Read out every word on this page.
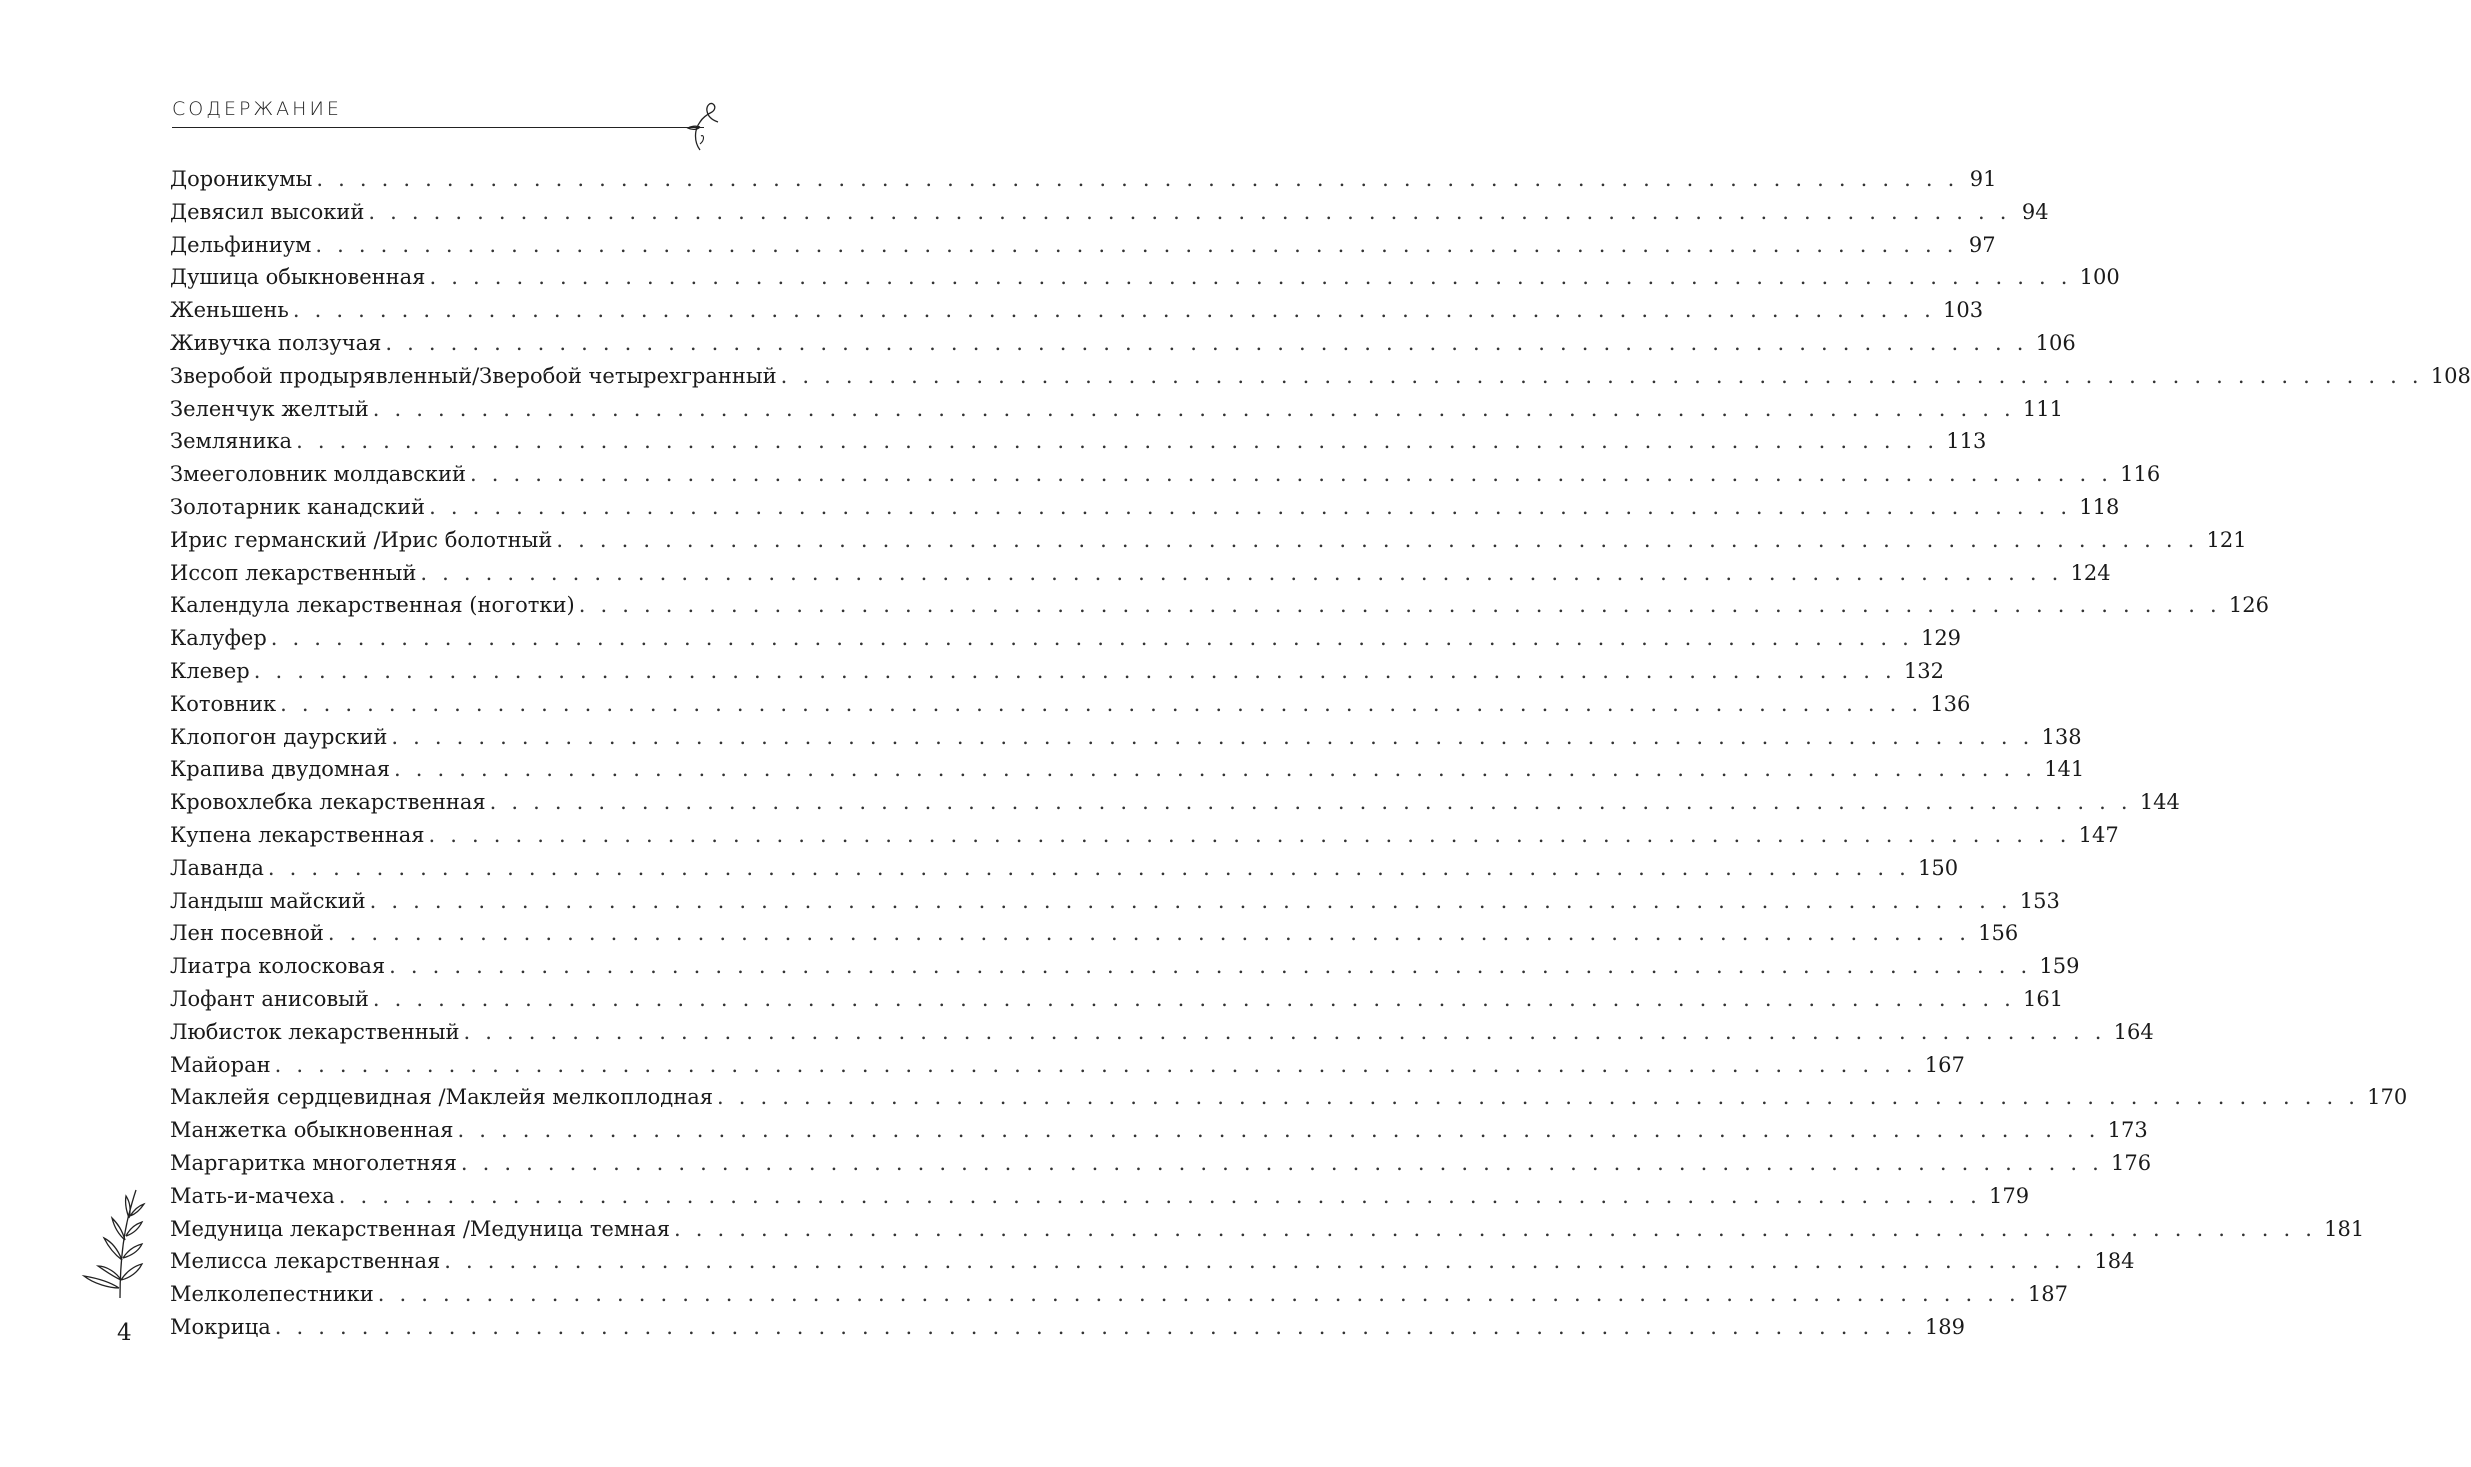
СОДЕРЖАНИЕ
Дороникумы . . . . . . . . . . . . . . . . . . . . . . . . . . . . . . . . . . . . . . . . . . . . . . . . . . . . . . . . . . . . . . . . . . . . . . . . . . . . 91
Девясил высокий . . . . . . . . . . . . . . . . . . . . . . . . . . . . . . . . . . . . . . . . . . . . . . . . . . . . . . . . . . . . . . . . . . . . . . . . . . . . 94
Дельфиниум . . . . . . . . . . . . . . . . . . . . . . . . . . . . . . . . . . . . . . . . . . . . . . . . . . . . . . . . . . . . . . . . . . . . . . . . . . . . 97
Душица обыкновенная . . . . . . . . . . . . . . . . . . . . . . . . . . . . . . . . . . . . . . . . . . . . . . . . . . . . . . . . . . . . . . . . . . . . . . . . . . . . 100
Женьшень . . . . . . . . . . . . . . . . . . . . . . . . . . . . . . . . . . . . . . . . . . . . . . . . . . . . . . . . . . . . . . . . . . . . . . . . . . . . 103
Живучка ползучая . . . . . . . . . . . . . . . . . . . . . . . . . . . . . . . . . . . . . . . . . . . . . . . . . . . . . . . . . . . . . . . . . . . . . . . . . . . . 106
Зверобой продырявленный/Зверобой четырехгранный . . . . . . . . . . . . . . . . . . . . . . . . . . . . . . . . . . . . . . . . . . . . . . . . . . . . . . . . . . . . . . . . . . . . . . . . . . . . 108
Зеленчук желтый . . . . . . . . . . . . . . . . . . . . . . . . . . . . . . . . . . . . . . . . . . . . . . . . . . . . . . . . . . . . . . . . . . . . . . . . . . . . 111
Земляника . . . . . . . . . . . . . . . . . . . . . . . . . . . . . . . . . . . . . . . . . . . . . . . . . . . . . . . . . . . . . . . . . . . . . . . . . . . . 113
Змееголовник молдавский . . . . . . . . . . . . . . . . . . . . . . . . . . . . . . . . . . . . . . . . . . . . . . . . . . . . . . . . . . . . . . . . . . . . . . . . . . . . 116
Золотарник канадский . . . . . . . . . . . . . . . . . . . . . . . . . . . . . . . . . . . . . . . . . . . . . . . . . . . . . . . . . . . . . . . . . . . . . . . . . . . . 118
Ирис германский /Ирис болотный . . . . . . . . . . . . . . . . . . . . . . . . . . . . . . . . . . . . . . . . . . . . . . . . . . . . . . . . . . . . . . . . . . . . . . . . . . . . 121
Иссоп лекарственный . . . . . . . . . . . . . . . . . . . . . . . . . . . . . . . . . . . . . . . . . . . . . . . . . . . . . . . . . . . . . . . . . . . . . . . . . . . . 124
Календула лекарственная (ноготки) . . . . . . . . . . . . . . . . . . . . . . . . . . . . . . . . . . . . . . . . . . . . . . . . . . . . . . . . . . . . . . . . . . . . . . . . . . . . 126
Калуфер . . . . . . . . . . . . . . . . . . . . . . . . . . . . . . . . . . . . . . . . . . . . . . . . . . . . . . . . . . . . . . . . . . . . . . . . . . . . 129
Клевер . . . . . . . . . . . . . . . . . . . . . . . . . . . . . . . . . . . . . . . . . . . . . . . . . . . . . . . . . . . . . . . . . . . . . . . . . . . . 132
Котовник . . . . . . . . . . . . . . . . . . . . . . . . . . . . . . . . . . . . . . . . . . . . . . . . . . . . . . . . . . . . . . . . . . . . . . . . . . . . 136
Клопогон даурский . . . . . . . . . . . . . . . . . . . . . . . . . . . . . . . . . . . . . . . . . . . . . . . . . . . . . . . . . . . . . . . . . . . . . . . . . . . . 138
Крапива двудомная . . . . . . . . . . . . . . . . . . . . . . . . . . . . . . . . . . . . . . . . . . . . . . . . . . . . . . . . . . . . . . . . . . . . . . . . . . . . 141
Кровохлебка лекарственная . . . . . . . . . . . . . . . . . . . . . . . . . . . . . . . . . . . . . . . . . . . . . . . . . . . . . . . . . . . . . . . . . . . . . . . . . . . . 144
Купена лекарственная . . . . . . . . . . . . . . . . . . . . . . . . . . . . . . . . . . . . . . . . . . . . . . . . . . . . . . . . . . . . . . . . . . . . . . . . . . . . 147
Лаванда . . . . . . . . . . . . . . . . . . . . . . . . . . . . . . . . . . . . . . . . . . . . . . . . . . . . . . . . . . . . . . . . . . . . . . . . . . . . 150
Ландыш майский . . . . . . . . . . . . . . . . . . . . . . . . . . . . . . . . . . . . . . . . . . . . . . . . . . . . . . . . . . . . . . . . . . . . . . . . . . . . 153
Лен посевной . . . . . . . . . . . . . . . . . . . . . . . . . . . . . . . . . . . . . . . . . . . . . . . . . . . . . . . . . . . . . . . . . . . . . . . . . . . . 156
Лиатра колосковая . . . . . . . . . . . . . . . . . . . . . . . . . . . . . . . . . . . . . . . . . . . . . . . . . . . . . . . . . . . . . . . . . . . . . . . . . . . . 159
Лофант анисовый . . . . . . . . . . . . . . . . . . . . . . . . . . . . . . . . . . . . . . . . . . . . . . . . . . . . . . . . . . . . . . . . . . . . . . . . . . . . 161
Любисток лекарственный . . . . . . . . . . . . . . . . . . . . . . . . . . . . . . . . . . . . . . . . . . . . . . . . . . . . . . . . . . . . . . . . . . . . . . . . . . . . 164
Майоран . . . . . . . . . . . . . . . . . . . . . . . . . . . . . . . . . . . . . . . . . . . . . . . . . . . . . . . . . . . . . . . . . . . . . . . . . . . . 167
Маклейя сердцевидная /Маклейя мелкоплодная . . . . . . . . . . . . . . . . . . . . . . . . . . . . . . . . . . . . . . . . . . . . . . . . . . . . . . . . . . . . . . . . . . . . . . . . . . . . 170
Манжетка обыкновенная . . . . . . . . . . . . . . . . . . . . . . . . . . . . . . . . . . . . . . . . . . . . . . . . . . . . . . . . . . . . . . . . . . . . . . . . . . . . 173
Маргаритка многолетняя . . . . . . . . . . . . . . . . . . . . . . . . . . . . . . . . . . . . . . . . . . . . . . . . . . . . . . . . . . . . . . . . . . . . . . . . . . . . 176
Мать-и-мачеха . . . . . . . . . . . . . . . . . . . . . . . . . . . . . . . . . . . . . . . . . . . . . . . . . . . . . . . . . . . . . . . . . . . . . . . . . . . . 179
Медуница лекарственная /Медуница темная . . . . . . . . . . . . . . . . . . . . . . . . . . . . . . . . . . . . . . . . . . . . . . . . . . . . . . . . . . . . . . . . . . . . . . . . . . . . 181
Мелисса лекарственная . . . . . . . . . . . . . . . . . . . . . . . . . . . . . . . . . . . . . . . . . . . . . . . . . . . . . . . . . . . . . . . . . . . . . . . . . . . . 184
Мелколепестники . . . . . . . . . . . . . . . . . . . . . . . . . . . . . . . . . . . . . . . . . . . . . . . . . . . . . . . . . . . . . . . . . . . . . . . . . . . . 187
Мокрица . . . . . . . . . . . . . . . . . . . . . . . . . . . . . . . . . . . . . . . . . . . . . . . . . . . . . . . . . . . . . . . . . . . . . . . . . . . . 189
4
